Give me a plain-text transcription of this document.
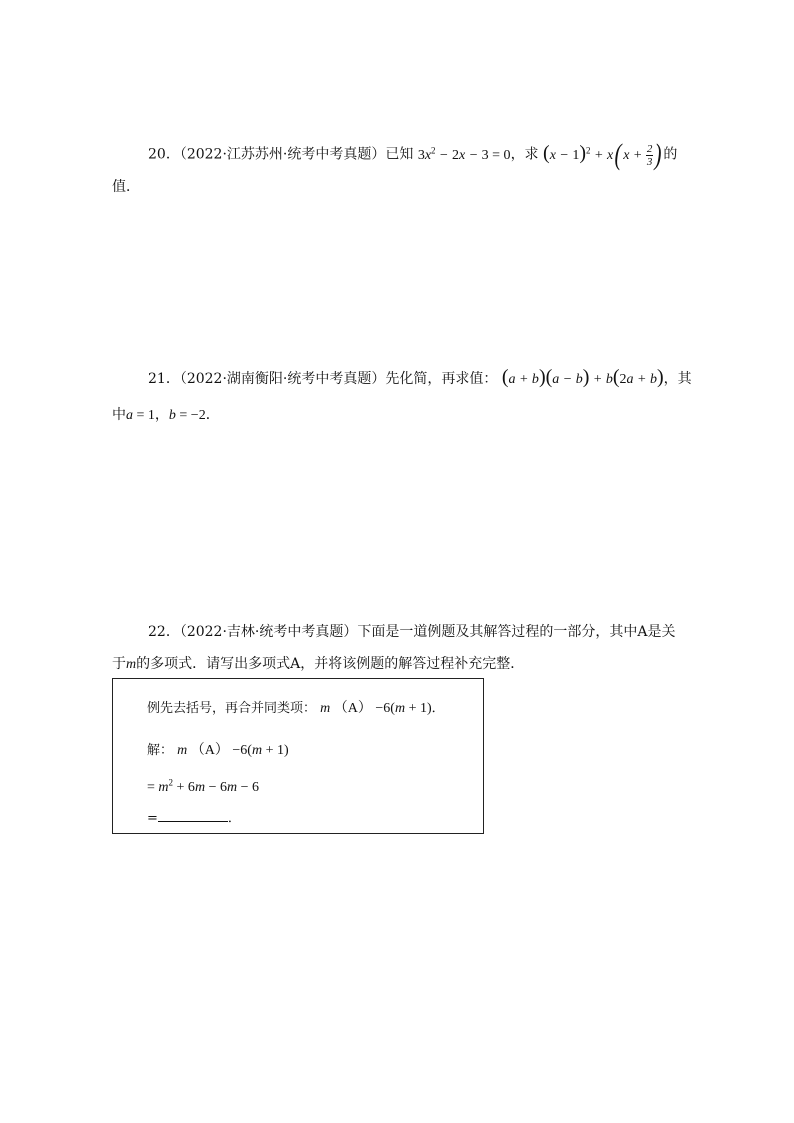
20．（2022·江苏苏州·统考中考真题）已知 $3x^2 - 2x - 3 = 0$，求 $(x - 1)^2 + x$( $x + \frac{2}{3}$ ) 的
值．
21．（2022·湖南衡阳·统考中考真题）先化简，再求值： (a + b)(a − b) + b(2a + b)，其
中a = 1，b = −2．
22．（2022·吉林·统考中考真题）下面是一道例题及其解答过程的一部分，其中A是关
于m的多项式．请写出多项式A，并将该例题的解答过程补充完整．
例先去括号，再合并同类项： m （A） −6(m + 1)．
解： m （A） −6(m + 1)
= $m^2 + 6m - 6m - 6$
=	．
